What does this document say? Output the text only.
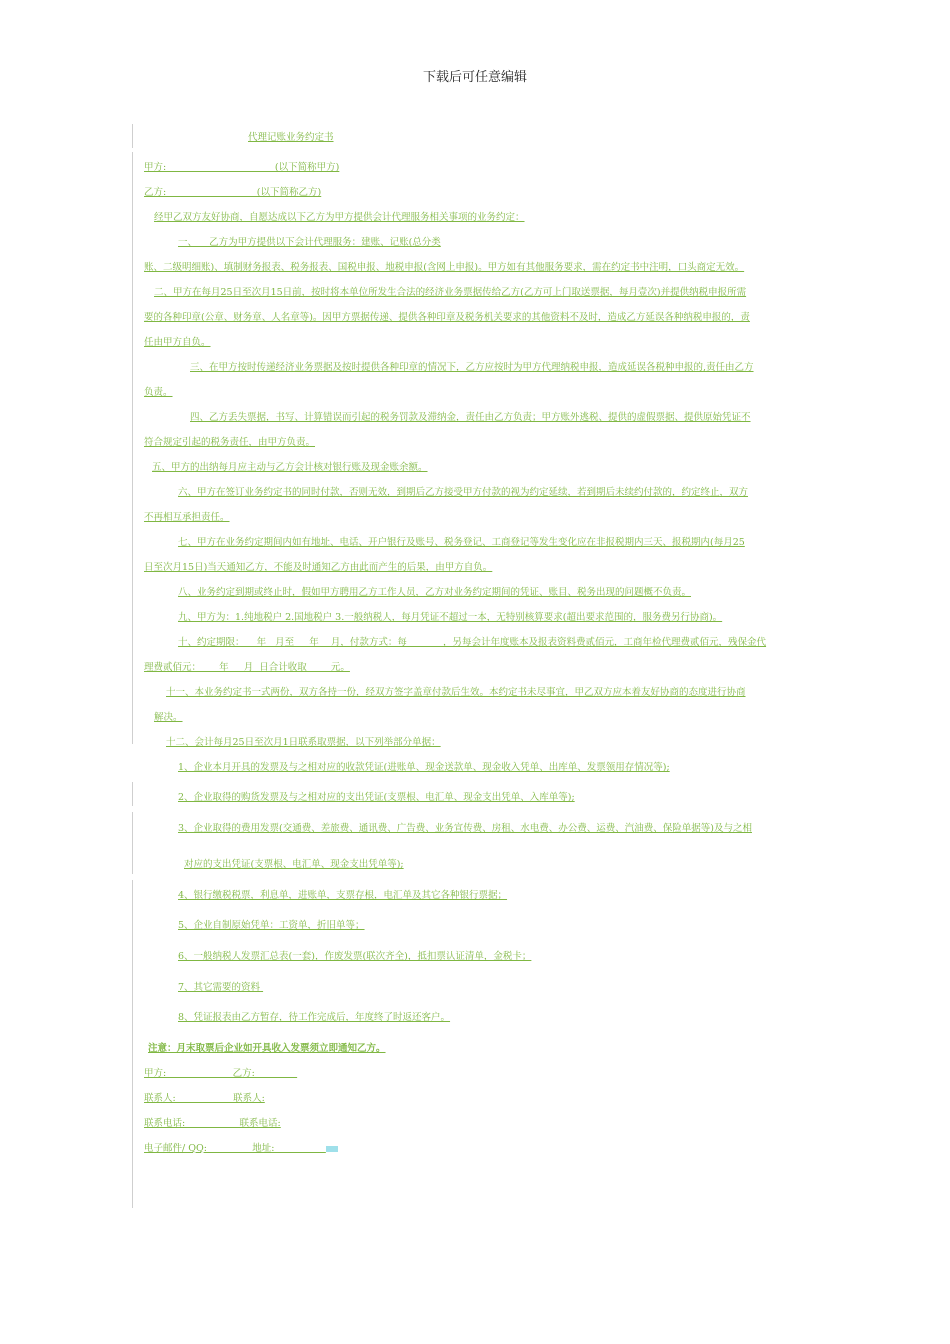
下载后可任意编辑
代理记账业务约定书
甲方:                                    (以下简称甲方)
乙方:                              (以下简称乙方)
经甲乙双方友好协商，自愿达成以下乙方为甲方提供会计代理服务相关事项的业务约定：
一、    乙方为甲方提供以下会计代理服务：建账、记账(总分类
账、二级明细账)、填制财务报表、税务报表、国税申报、地税申报(含网上申报)。甲方如有其他服务要求，需在约定书中注明，口头商定无效。
二、甲方在每月25日至次月15日前，按时将本单位所发生合法的经济业务票据传给乙方(乙方可上门取送票据，每月壹次)并提供纳税申报所需
要的各种印章(公章、财务章、人名章等)。因甲方票据传递、提供各种印章及税务机关要求的其他资料不及时，造成乙方延误各种纳税申报的，责
任由甲方自负。
三、在甲方按时传递经济业务票据及按时提供各种印章的情况下，乙方应按时为甲方代理纳税申报，造成延误各税种申报的,责任由乙方
负责。
四、乙方丢失票据，书写、计算错误而引起的税务罚款及滞纳金，责任由乙方负责；甲方账外逃税、提供的虚假票据、提供原始凭证不
符合规定引起的税务责任，由甲方负责。
五、甲方的出纳每月应主动与乙方会计核对银行账及现金账余额。
六、甲方在签订业务约定书的同时付款，否则无效，到期后乙方接受甲方付款的视为约定延续，若到期后未续约付款的，约定终止，双方
不再相互承担责任。
七、甲方在业务约定期间内如有地址、电话、开户银行及账号、税务登记、工商登记等发生变化应在非报税期内三天、报税期内(每月25
日至次月15日)当天通知乙方，不能及时通知乙方由此而产生的后果，由甲方自负。
八、业务约定到期或终止时，假如甲方聘用乙方工作人员，乙方对业务约定期间的凭证、账目、税务出现的问题概不负责。
九、甲方为：1.纯地税户 2.国地税户 3.一般纳税人，每月凭证不超过一本，无特别核算要求(超出要求范围的，服务费另行协商)。
十、约定期限：    年   月至     年    月，付款方式：每            ，另每会计年度账本及报表资料费贰佰元，工商年检代理费贰佰元，残保金代
理费贰佰元：      年     月  日合计收取        元。
十一、本业务约定书一式两份，双方各持一份，经双方签字盖章付款后生效。本约定书未尽事宜，甲乙双方应本着友好协商的态度进行协商
解决。
十二、会计每月25日至次月1日联系取票据，以下列举部分单据：
1、企业本月开具的发票及与之相对应的收款凭证(进账单、现金送款单、现金收入凭单、出库单、发票领用存情况等);
2、企业取得的购货发票及与之相对应的支出凭证(支票根、电汇单、现金支出凭单、入库单等);
3、企业取得的费用发票(交通费、差旅费、通讯费、广告费、业务宣传费、房租、水电费、办公费、运费、汽油费、保险单据等)及与之相
对应的支出凭证(支票根、电汇单、现金支出凭单等);
4、银行缴税税票，利息单，进账单，支票存根，电汇单及其它各种银行票据；
5、企业自制原始凭单：工资单，折旧单等；
6、一般纳税人发票汇总表(一套)，作废发票(联次齐全)，抵扣票认证清单，金税卡；
7、其它需要的资料
8、凭证报表由乙方暂存，待工作完成后，年度终了时返还客户。
注意：月末取票后企业如开具收入发票须立即通知乙方。
甲方:                      乙方:
联系人:                   联系人:
联系电话:                  联系电话:
电子邮件/ QQ:               地址:
